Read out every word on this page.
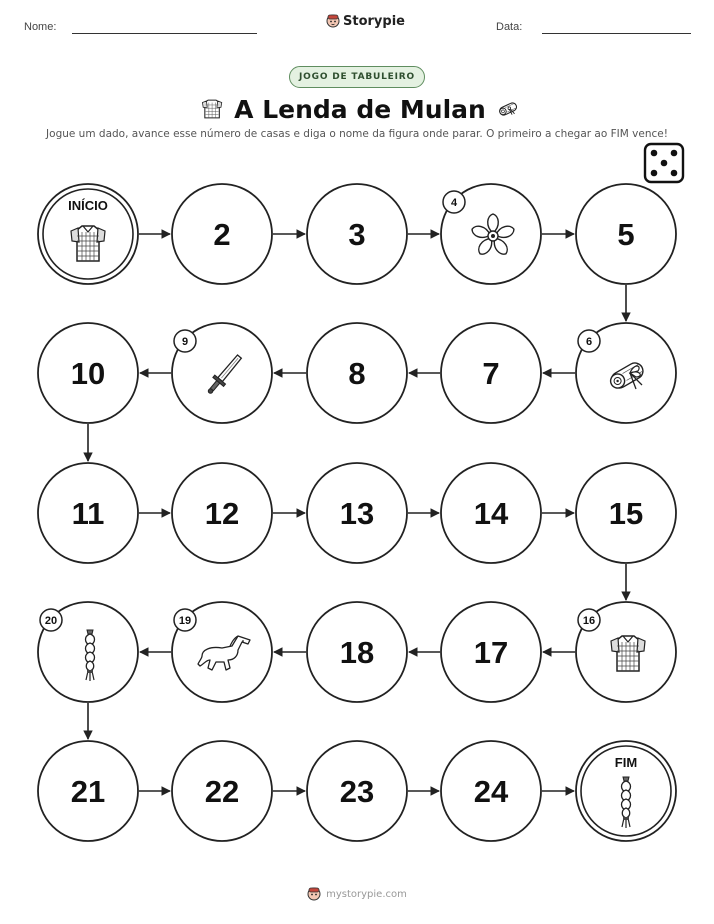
Nome:	Storypie	Data:
JOGO DE TABULEIRO
A Lenda de Mulan
Jogue um dado, avance esse número de casas e diga o nome da figura onde parar. O primeiro a chegar ao FIM vence!
INÍCIO
2	3
4
5
6
7
8
9
10
11	12	13	14	15
16
17
18
19
20
21	22	23	24
FIM
mystorypie.com
